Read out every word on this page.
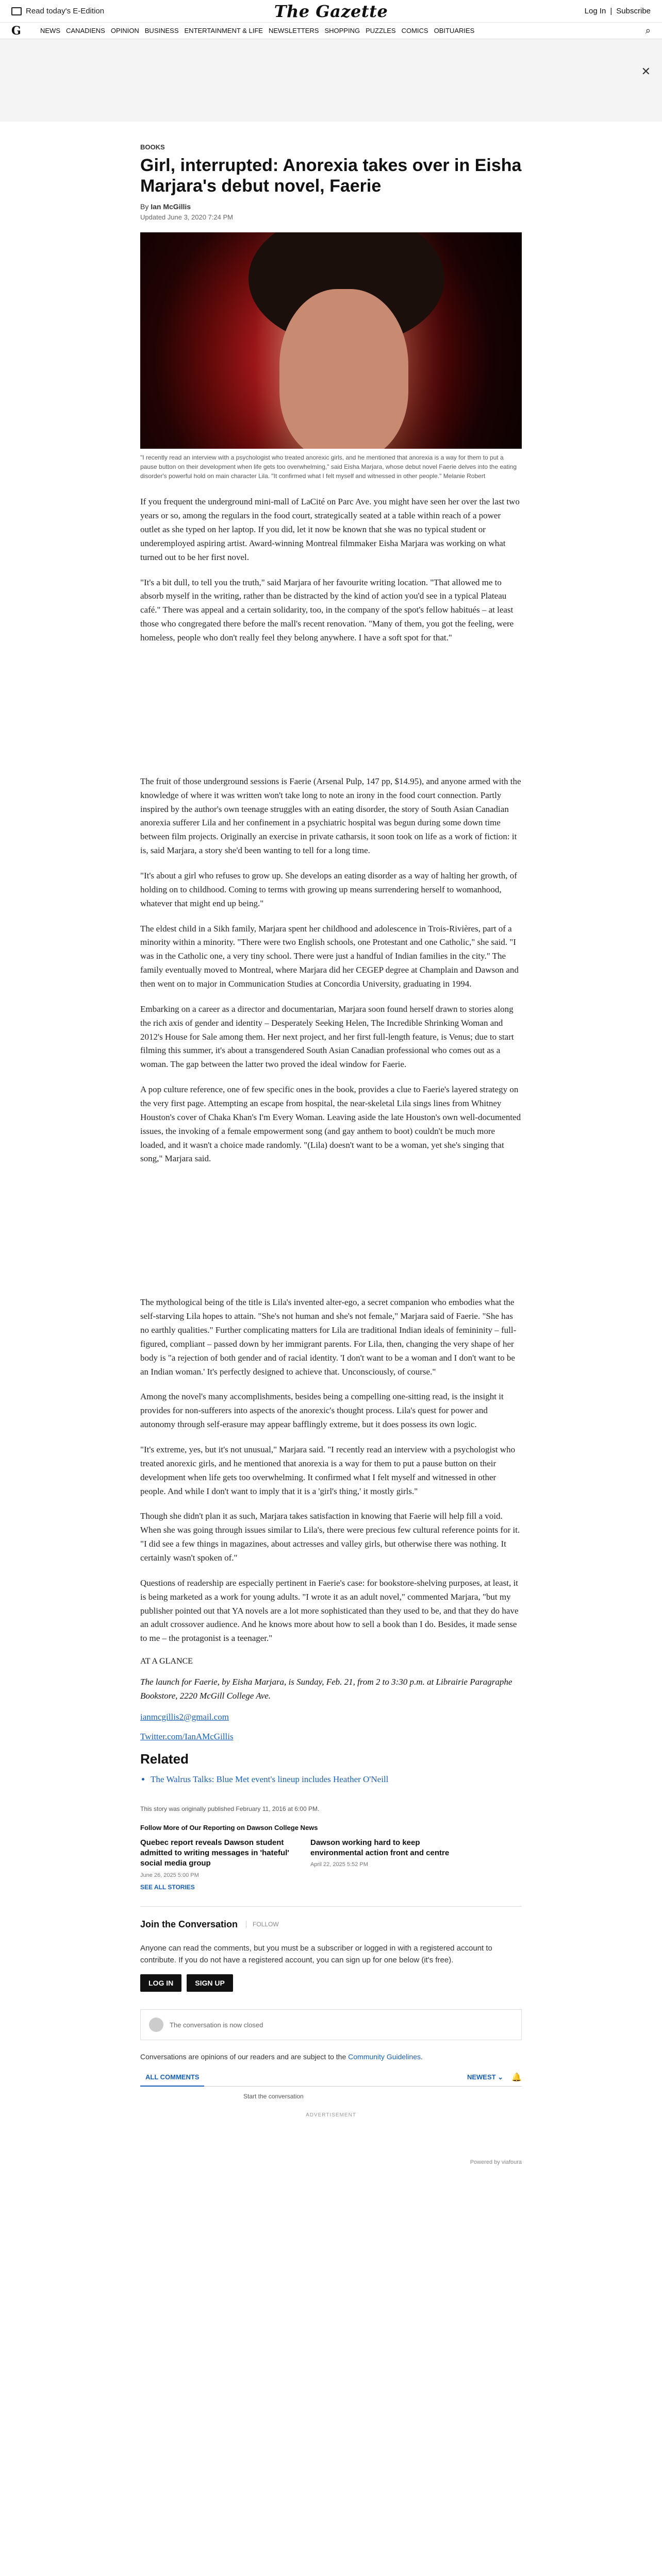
Read today's E-Edition	The Gazette	Log In | Subscribe
G	NEWS CANADIENS OPINION BUSINESS ENTERTAINMENT & LIFE NEWSLETTERS SHOPPING PUZZLES COMICS OBITUARIES	⌕
✕
BOOKS
Girl, interrupted: Anorexia takes over in Eisha Marjara's debut novel, Faerie
By Ian McGillis
Updated June 3, 2020 7:24 PM
"I recently read an interview with a psychologist who treated anorexic girls, and he mentioned that anorexia is a way for them to put a pause button on their development when life gets too overwhelming," said Eisha Marjara, whose debut novel Faerie delves into the eating disorder's powerful hold on main character Lila. "It confirmed what I felt myself and witnessed in other people." Melanie Robert

If you frequent the underground mini-mall of LaCité on Parc Ave. you might have seen her over the last two years or so, among the regulars in the food court, strategically seated at a table within reach of a power outlet as she typed on her laptop. If you did, let it now be known that she was no typical student or underemployed aspiring artist. Award-winning Montreal filmmaker Eisha Marjara was working on what turned out to be her first novel.

"It's a bit dull, to tell you the truth," said Marjara of her favourite writing location. "That allowed me to absorb myself in the writing, rather than be distracted by the kind of action you'd see in a typical Plateau café." There was appeal and a certain solidarity, too, in the company of the spot's fellow habitués – at least those who congregated there before the mall's recent renovation. "Many of them, you got the feeling, were homeless, people who don't really feel they belong anywhere. I have a soft spot for that."

The fruit of those underground sessions is Faerie (Arsenal Pulp, 147 pp, $14.95), and anyone armed with the knowledge of where it was written won't take long to note an irony in the food court connection. Partly inspired by the author's own teenage struggles with an eating disorder, the story of South Asian Canadian anorexia sufferer Lila and her confinement in a psychiatric hospital was begun during some down time between film projects. Originally an exercise in private catharsis, it soon took on life as a work of fiction: it is, said Marjara, a story she'd been wanting to tell for a long time.

"It's about a girl who refuses to grow up. She develops an eating disorder as a way of halting her growth, of holding on to childhood. Coming to terms with growing up means surrendering herself to womanhood, whatever that might end up being."

The eldest child in a Sikh family, Marjara spent her childhood and adolescence in Trois-Rivières, part of a minority within a minority. "There were two English schools, one Protestant and one Catholic," she said. "I was in the Catholic one, a very tiny school. There were just a handful of Indian families in the city." The family eventually moved to Montreal, where Marjara did her CEGEP degree at Champlain and Dawson and then went on to major in Communication Studies at Concordia University, graduating in 1994.

Embarking on a career as a director and documentarian, Marjara soon found herself drawn to stories along the rich axis of gender and identity – Desperately Seeking Helen, The Incredible Shrinking Woman and 2012's House for Sale among them. Her next project, and her first full-length feature, is Venus; due to start filming this summer, it's about a transgendered South Asian Canadian professional who comes out as a woman. The gap between the latter two proved the ideal window for Faerie.

A pop culture reference, one of few specific ones in the book, provides a clue to Faerie's layered strategy on the very first page. Attempting an escape from hospital, the near-skeletal Lila sings lines from Whitney Houston's cover of Chaka Khan's I'm Every Woman. Leaving aside the late Houston's own well-documented issues, the invoking of a female empowerment song (and gay anthem to boot) couldn't be much more loaded, and it wasn't a choice made randomly. "(Lila) doesn't want to be a woman, yet she's singing that song," Marjara said.

The mythological being of the title is Lila's invented alter-ego, a secret companion who embodies what the self-starving Lila hopes to attain. "She's not human and she's not female," Marjara said of Faerie. "She has no earthly qualities." Further complicating matters for Lila are traditional Indian ideals of femininity – full-figured, compliant – passed down by her immigrant parents. For Lila, then, changing the very shape of her body is "a rejection of both gender and of racial identity. 'I don't want to be a woman and I don't want to be an Indian woman.' It's perfectly designed to achieve that. Unconsciously, of course."

Among the novel's many accomplishments, besides being a compelling one-sitting read, is the insight it provides for non-sufferers into aspects of the anorexic's thought process. Lila's quest for power and autonomy through self-erasure may appear bafflingly extreme, but it does possess its own logic.

"It's extreme, yes, but it's not unusual," Marjara said. "I recently read an interview with a psychologist who treated anorexic girls, and he mentioned that anorexia is a way for them to put a pause button on their development when life gets too overwhelming. It confirmed what I felt myself and witnessed in other people. And while I don't want to imply that it is a 'girl's thing,' it mostly girls."

Though she didn't plan it as such, Marjara takes satisfaction in knowing that Faerie will help fill a void. When she was going through issues similar to Lila's, there were precious few cultural reference points for it. "I did see a few things in magazines, about actresses and valley girls, but otherwise there was nothing. It certainly wasn't spoken of."

Questions of readership are especially pertinent in Faerie's case: for bookstore-shelving purposes, at least, it is being marketed as a work for young adults. "I wrote it as an adult novel," commented Marjara, "but my publisher pointed out that YA novels are a lot more sophisticated than they used to be, and that they do have an adult crossover audience. And he knows more about how to sell a book than I do. Besides, it made sense to me – the protagonist is a teenager."

AT A GLANCE
The launch for Faerie, by Eisha Marjara, is Sunday, Feb. 21, from 2 to 3:30 p.m. at Librairie Paragraphe Bookstore, 2220 McGill College Ave.
ianmcgillis2@gmail.com
Twitter.com/IanAMcGillis
Related
• The Walrus Talks: Blue Met event's lineup includes Heather O'Neill
This story was originally published February 11, 2016 at 6:00 PM.
Follow More of Our Reporting on Dawson College News
Quebec report reveals Dawson student admitted to writing messages in 'hateful' social media group
June 26, 2025 5:00 PM
Dawson working hard to keep environmental action front and centre
April 22, 2025 5:52 PM
SEE ALL STORIES
Join the Conversation	FOLLOW

Anyone can read the comments, but you must be a subscriber or logged in with a registered account to contribute. If you do not have a registered account, you can sign up for one below (it's free).

LOG IN	SIGN UP
The conversation is now closed

Conversations are opinions of our readers and are subject to the Community Guidelines.

ALL COMMENTS	NEWEST ⌄ 🔔
Start the conversation
ADVERTISEMENT
Powered by viafoura
